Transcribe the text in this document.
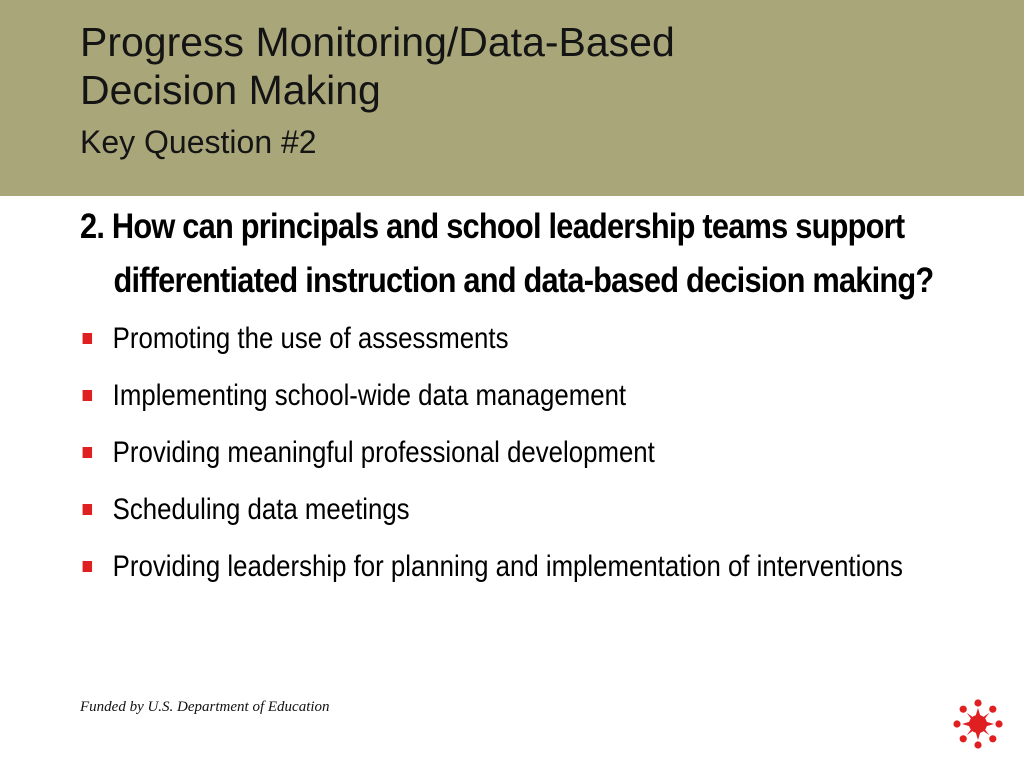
Progress Monitoring/Data-Based
Decision Making
Key Question #2

2. How can principals and school leadership teams support differentiated instruction and data-based decision making?

Promoting the use of assessments
Implementing school-wide data management
Providing meaningful professional development
Scheduling data meetings
Providing leadership for planning and implementation of interventions
Funded by U.S. Department of Education
